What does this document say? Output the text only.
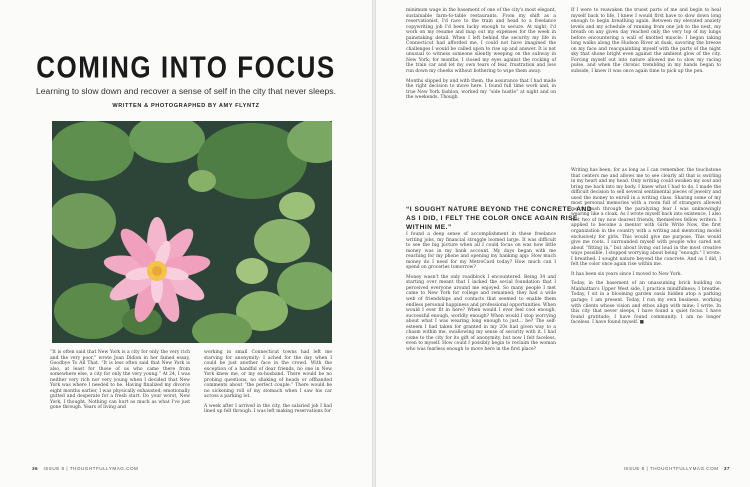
COMING INTO FOCUS
Learning to slow down and recover a sense of self in the city that never sleeps.
WRITTEN & PHOTOGRAPHED BY AMY FLYNTZ

“It is often said that New York is a city for only the very rich and the very poor,” wrote Joan Didion in her famed essay, Goodbye To All That. “It is less often said that New York is also, at least for those of us who came there from somewhere else, a city for only the very young.” At 24, I was neither very rich nor very young when I decided that New York was where I needed to be. Having finalized my divorce eight months earlier, I was physically exhausted, emotionally gutted and desperate for a fresh start. Do your worst, New York, I thought. Nothing can hurt as much as what I've just gone through. Years of living and

working in small Connecticut towns had left me starving for anonymity: I ached for the day when I could be just another face in the crowd. With the exception of a handful of dear friends, no one in New York knew me, or my ex-husband. There would be no probing questions, no shaking of heads or offhanded comments about “the perfect couple.” There would be no sickening roll of my stomach when I saw his car across a parking lot.

A week after I arrived in the city, the salaried job I had lined up fell through. I was left making reservations for

36 ISSUE 8 | THOUGHTFULLYMAG.COM

minimum wage in the basement of one of the city's most elegant, sustainable farm-to-table restaurants. From my shift as a reservationist, I'd race to the train and head to a freelance copywriting job I'd been lucky enough to secure. At night, I'd work on my resume and map out my expenses for the week in painstaking detail. When I left behind the security my life in Connecticut had afforded me, I could not have imagined the challenges I would be called upon to rise up and answer. It is not unusual to witness someone silently weeping on the subway in New York; for months, I closed my eyes against the rocking of the train car and let my own tears of fear, frustration and loss run down my cheeks without bothering to wipe them away.

Months slipped by and with them, the assurance that I had made the right decision to move here. I found full time work and, in true New York fashion, worked my “side hustle” at night and on the weekends. Though

If I were to reawaken the truest parts of me and begin to heal myself back to life, I knew I would first have to slow down long enough to begin breathing again. Between my elevated anxiety levels and my schedule of running from one job to the next, my breath on any given day reached only the very top of my lungs before encountering a wall of knotted muscle. I began taking long walks along the Hudson River at dusk, savoring the breeze on my face and reacquainting myself with the parts of the night sky that shone bright even against the ambient glow of the city. Forcing myself out into nature allowed me to slow my racing pulse, and when the chronic trembling in my hands began to subside, I knew it was once again time to pick up the pen.

“I SOUGHT NATURE BEYOND THE CONCRETE. AND AS I DID, I FELT THE COLOR ONCE AGAIN RISE WITHIN ME.”

I found a deep sense of accomplishment in these freelance writing jobs, my financial struggle loomed large. It was difficult to see the big picture when all I could focus on was how little money was in my bank account. My days began with me reaching for my phone and opening my banking app: How much money do I need for my MetroCard today? How much can I spend on groceries tomorrow?

Money wasn't the only roadblock I encountered. Being 34 and starting over meant that I lacked the social foundation that I perceived everyone around me enjoyed. So many people I met came to New York for college and remained; they had a wide web of friendships and contacts that seemed to enable them endless personal happiness and professional opportunities. When would I ever fit in here? When would I ever feel cool enough, successful enough, worldly enough? When would I stop worrying about what I was wearing long enough to just... be? The self-esteem I had taken for granted in my 20s had given way to a chasm within me, swallowing my sense of security with it. I had come to the city for its gift of anonymity, but now I felt faceless, even to myself. How could I possibly begin to reclaim the woman who was fearless enough to move here in the first place?

Writing has been, for as long as I can remember, the touchstone that centers me and allows me to see clearly all that is swirling in my heart and my head. Only writing could awaken my soul and bring me back into my body. I knew what I had to do. I made the difficult decision to sell several sentimental pieces of jewelry and used the money to enroll in a writing class. Sharing some of my most personal memories with a room full of strangers allowed me to push through the paralyzing fear I was unknowingly wearing like a cloak. As I wrote myself back into existence, I also met two of my now dearest friends, themselves fellow writers. I applied to become a mentor with Girls Write Now, the first organization in the country with a writing and mentoring model exclusively for girls. This would give me purpose. This would give me roots. I surrounded myself with people who cared not about “fitting in,” but about living out loud in the most creative ways possible. I stopped worrying about being “enough.” I wrote. I breathed. I sought nature beyond the concrete. And as I did, I felt the color once again rise within me.

It has been six years since I moved to New York.

Today, in the basement of an unassuming brick building on Manhattan's Upper West side, I practice mindfulness; I breathe. Today, I sit in a blooming garden oasis hidden atop a parking garage; I am present. Today, I run my own business, working with clients whose vision and ethos align with mine; I write. In this city that never sleeps, I have found a quiet focus. I have found gratitude; I have found community. I am no longer faceless. I have found myself. ■

ISSUE 8 | THOUGHTFULLYMAG.COM 37
